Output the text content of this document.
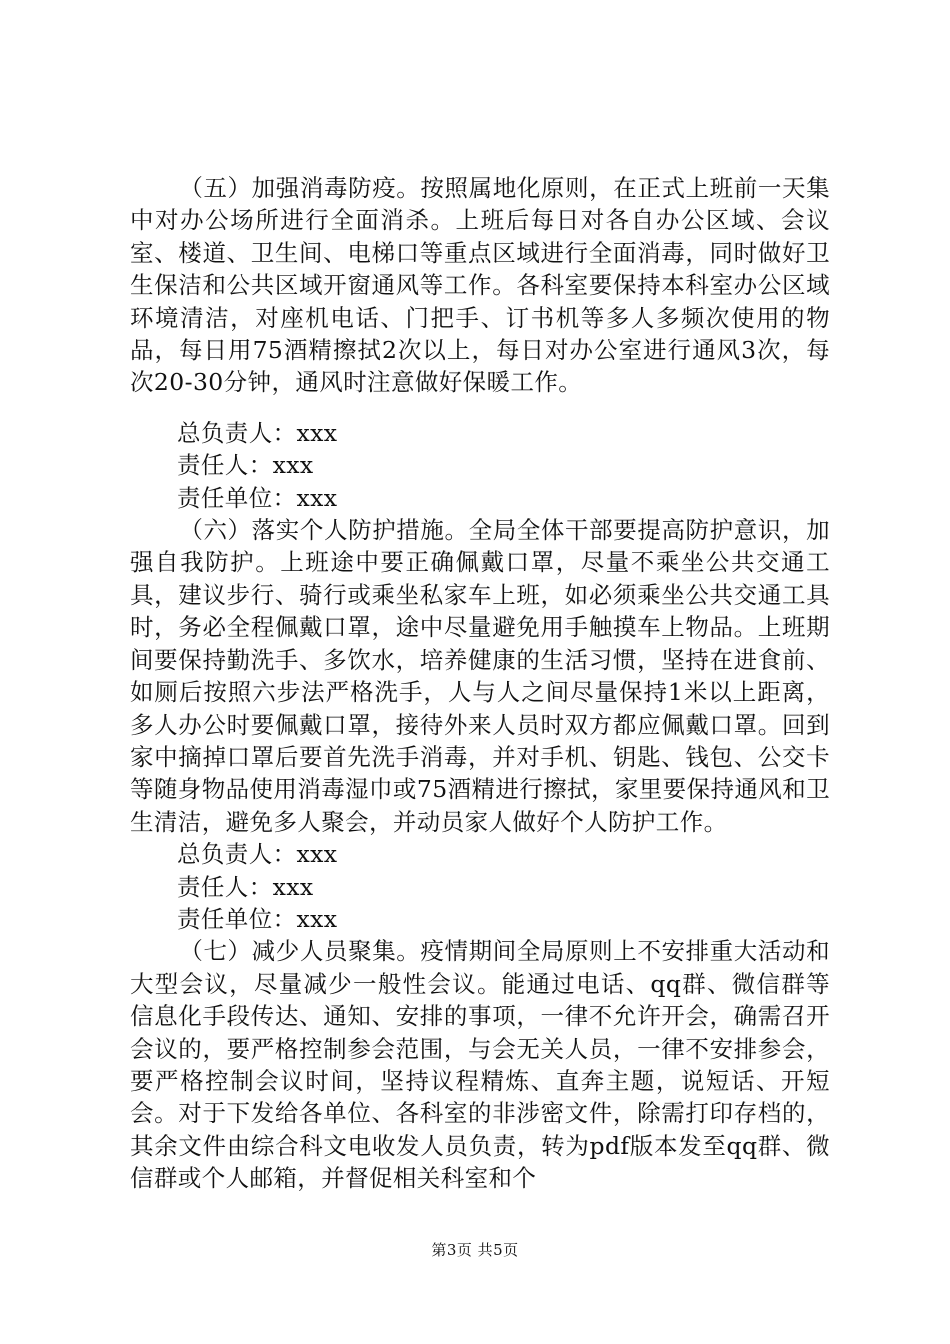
（五）加强消毒防疫。按照属地化原则，在正式上班前一天集中对办公场所进行全面消杀。上班后每日对各自办公区域、会议室、楼道、卫生间、电梯口等重点区域进行全面消毒，同时做好卫生保洁和公共区域开窗通风等工作。各科室要保持本科室办公区域环境清洁，对座机电话、门把手、订书机等多人多频次使用的物品，每日用75酒精擦拭2次以上，每日对办公室进行通风3次，每次20-30分钟，通风时注意做好保暖工作。

总负责人：xxx

责任人：xxx

责任单位：xxx

（六）落实个人防护措施。全局全体干部要提高防护意识，加强自我防护。上班途中要正确佩戴口罩，尽量不乘坐公共交通工具，建议步行、骑行或乘坐私家车上班，如必须乘坐公共交通工具时，务必全程佩戴口罩，途中尽量避免用手触摸车上物品。上班期间要保持勤洗手、多饮水，培养健康的生活习惯，坚持在进食前、如厕后按照六步法严格洗手，人与人之间尽量保持1米以上距离，多人办公时要佩戴口罩，接待外来人员时双方都应佩戴口罩。回到家中摘掉口罩后要首先洗手消毒，并对手机、钥匙、钱包、公交卡等随身物品使用消毒湿巾或75酒精进行擦拭，家里要保持通风和卫生清洁，避免多人聚会，并动员家人做好个人防护工作。

总负责人：xxx

责任人：xxx

责任单位：xxx

（七）减少人员聚集。疫情期间全局原则上不安排重大活动和大型会议，尽量减少一般性会议。能通过电话、qq群、微信群等信息化手段传达、通知、安排的事项，一律不允许开会，确需召开会议的，要严格控制参会范围，与会无关人员，一律不安排参会，要严格控制会议时间，坚持议程精炼、直奔主题，说短话、开短会。对于下发给各单位、各科室的非涉密文件，除需打印存档的，其余文件由综合科文电收发人员负责，转为pdf版本发至qq群、微信群或个人邮箱，并督促相关科室和个

第3页 共5页
